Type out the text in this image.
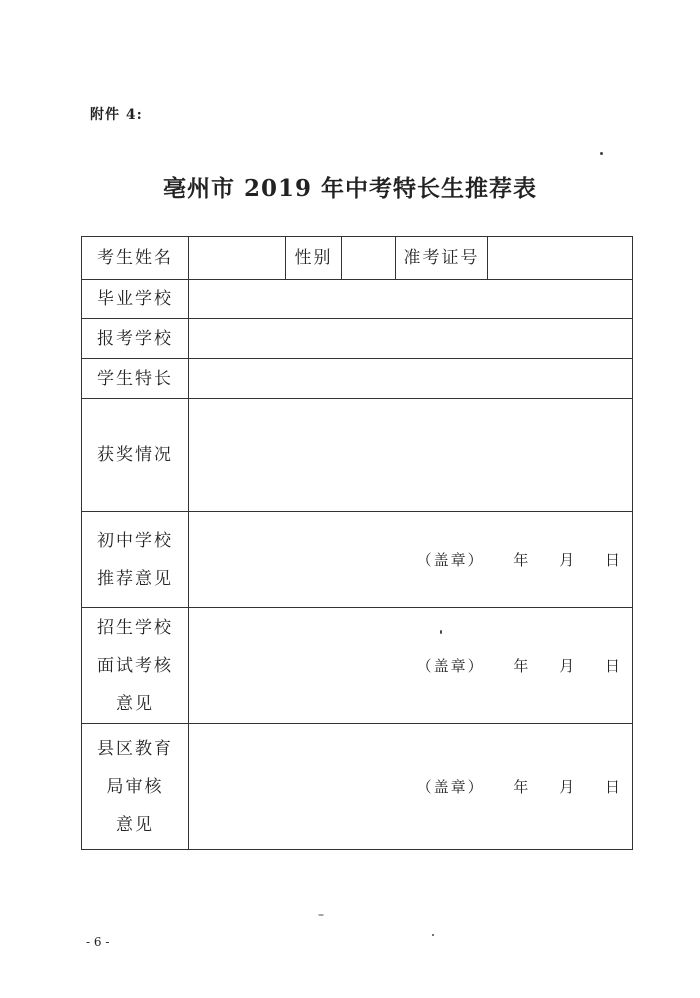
附件 4:
亳州市 2019 年中考特长生推荐表
考生姓名		性别		准考证号	
毕业学校					
报考学校					
学生特长					
获奖情况					

初中学校
推荐意见	（盖章） 年 月 日				

招生学校
面试考核
意见	（盖章） 年 月 日				

县区教育
局审核
意见	（盖章） 年 月 日				
- 6 -
